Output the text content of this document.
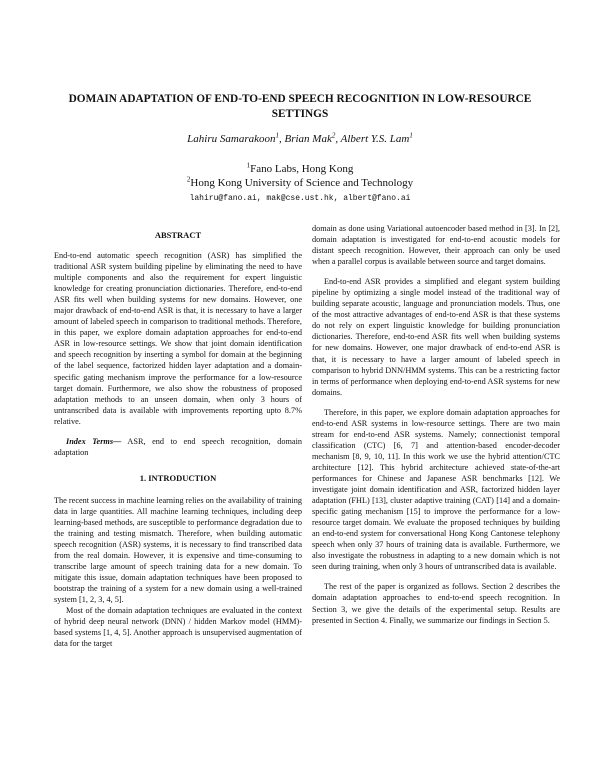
DOMAIN ADAPTATION OF END-TO-END SPEECH RECOGNITION IN LOW-RESOURCE
SETTINGS
Lahiru Samarakoon$^1$, Brian Mak$^2$, Albert Y.S. Lam$^1$
$^1$Fano Labs, Hong Kong
$^2$Hong Kong University of Science and Technology
lahiru@fano.ai, mak@cse.ust.hk, albert@fano.ai
ABSTRACT

End-to-end automatic speech recognition (ASR) has simplified the traditional ASR system building pipeline by eliminating the need to have multiple components and also the requirement for expert linguistic knowledge for creating pronunciation dictionaries. Therefore, end-to-end ASR fits well when building systems for new domains. However, one major drawback of end-to-end ASR is that, it is necessary to have a larger amount of labeled speech in comparison to traditional methods. Therefore, in this paper, we explore domain adaptation approaches for end-to-end ASR in low-resource settings. We show that joint domain identification and speech recognition by inserting a symbol for domain at the beginning of the label sequence, factorized hidden layer adaptation and a domain-specific gating mechanism improve the performance for a low-resource target domain. Furthermore, we also show the robustness of proposed adaptation methods to an unseen domain, when only 3 hours of untranscribed data is available with improvements reporting upto 8.7% relative.

Index Terms— ASR, end to end speech recognition, domain adaptation

1. INTRODUCTION

The recent success in machine learning relies on the availability of training data in large quantities. All machine learning techniques, including deep learning-based methods, are susceptible to performance degradation due to the training and testing mismatch. Therefore, when building automatic speech recognition (ASR) systems, it is necessary to find transcribed data from the real domain. However, it is expensive and time-consuming to transcribe large amount of speech training data for a new domain. To mitigate this issue, domain adaptation techniques have been proposed to bootstrap the training of a system for a new domain using a well-trained system [1, 2, 3, 4, 5].

Most of the domain adaptation techniques are evaluated in the context of hybrid deep neural network (DNN) / hidden Markov model (HMM)-based systems [1, 4, 5]. Another approach is unsupervised augmentation of data for the target

domain as done using Variational autoencoder based method in [3]. In [2], domain adaptation is investigated for end-to-end acoustic models for distant speech recognition. However, their approach can only be used when a parallel corpus is available between source and target domains.

End-to-end ASR provides a simplified and elegant system building pipeline by optimizing a single model instead of the traditional way of building separate acoustic, language and pronunciation models. Thus, one of the most attractive advantages of end-to-end ASR is that these systems do not rely on expert linguistic knowledge for building pronunciation dictionaries. Therefore, end-to-end ASR fits well when building systems for new domains. However, one major drawback of end-to-end ASR is that, it is necessary to have a larger amount of labeled speech in comparison to hybrid DNN/HMM systems. This can be a restricting factor in terms of performance when deploying end-to-end ASR systems for new domains.

Therefore, in this paper, we explore domain adaptation approaches for end-to-end ASR systems in low-resource settings. There are two main stream for end-to-end ASR systems. Namely; connectionist temporal classification (CTC) [6, 7] and attention-based encoder-decoder mechanism [8, 9, 10, 11]. In this work we use the hybrid attention/CTC architecture [12]. This hybrid architecture achieved state-of-the-art performances for Chinese and Japanese ASR benchmarks [12]. We investigate joint domain identification and ASR, factorized hidden layer adaptation (FHL) [13], cluster adaptive training (CAT) [14] and a domain-specific gating mechanism [15] to improve the performance for a low-resource target domain. We evaluate the proposed techniques by building an end-to-end system for conversational Hong Kong Cantonese telephony speech when only 37 hours of training data is available. Furthermore, we also investigate the robustness in adapting to a new domain which is not seen during training, when only 3 hours of untranscribed data is available.

The rest of the paper is organized as follows. Section 2 describes the domain adaptation approaches to end-to-end speech recognition. In Section 3, we give the details of the experimental setup. Results are presented in Section 4. Finally, we summarize our findings in Section 5.
